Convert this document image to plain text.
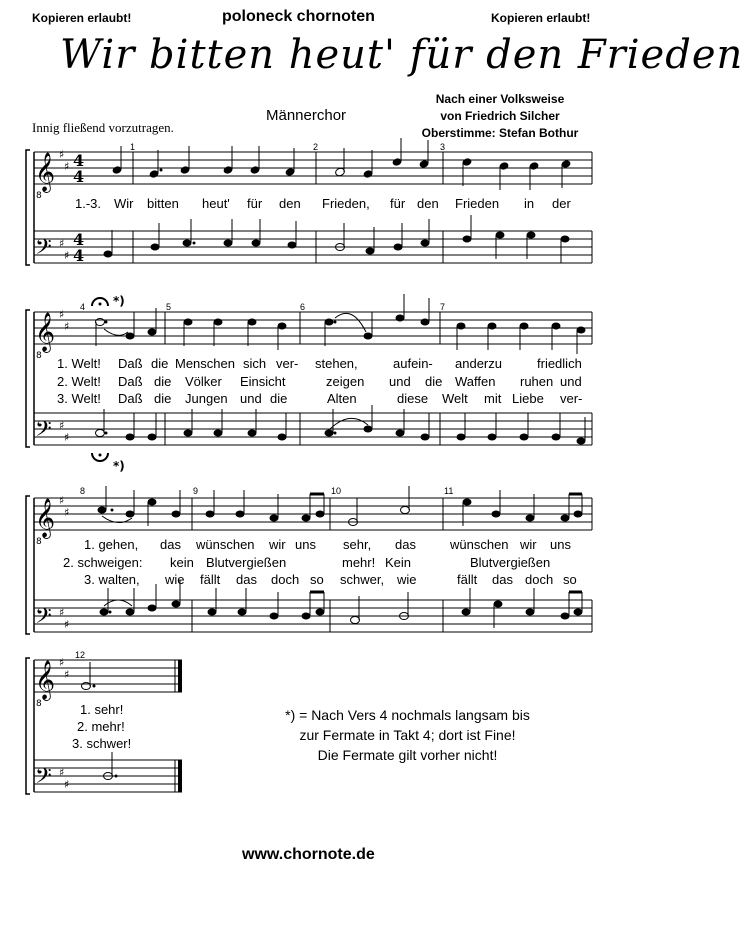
Kopieren erlaubt!	poloneck chornoten	Kopieren erlaubt!
Wir bitten heut' für den Frieden
Männerchor
Nach einer Volksweise
von Friedrich Silcher
Oberstimme: Stefan Bothur
Innig fließend vorzutragen.
𝄞
8
𝄢
𝄞
8
𝄢
𝄞
8
𝄢
𝄞
8
𝄢
♯
♯
♯
♯
♯
♯
♯
♯
♯
♯
♯
♯
♯
♯
♯
♯
4
4
4
4
1	2	3
4	5	6	7
8	9	10	11
12
*)
*)
1.-3. Wir bitten heut' für den Frieden, für den Frieden in der
1. Welt! Daß die Menschen sich ver- stehen,	aufein- anderzu	friedlich
2. Welt! Daß die Völker Einsicht	zeigen und die Waffen ruhen und
3. Welt! Daß die Jungen und die	Alten	diese Welt mit Liebe ver-
1. gehen, das wünschen wir uns sehr, das	wünschen wir uns
2. schweigen: kein Blutvergießen	mehr! Kein	Blutvergießen
3. walten, wie fällt das doch so schwer, wie	fällt das doch so
1. sehr!
2. mehr!
3. schwer!
*) = Nach Vers 4 nochmals langsam bis
zur Fermate in Takt 4; dort ist Fine!
Die Fermate gilt vorher nicht!
www.chornote.de
